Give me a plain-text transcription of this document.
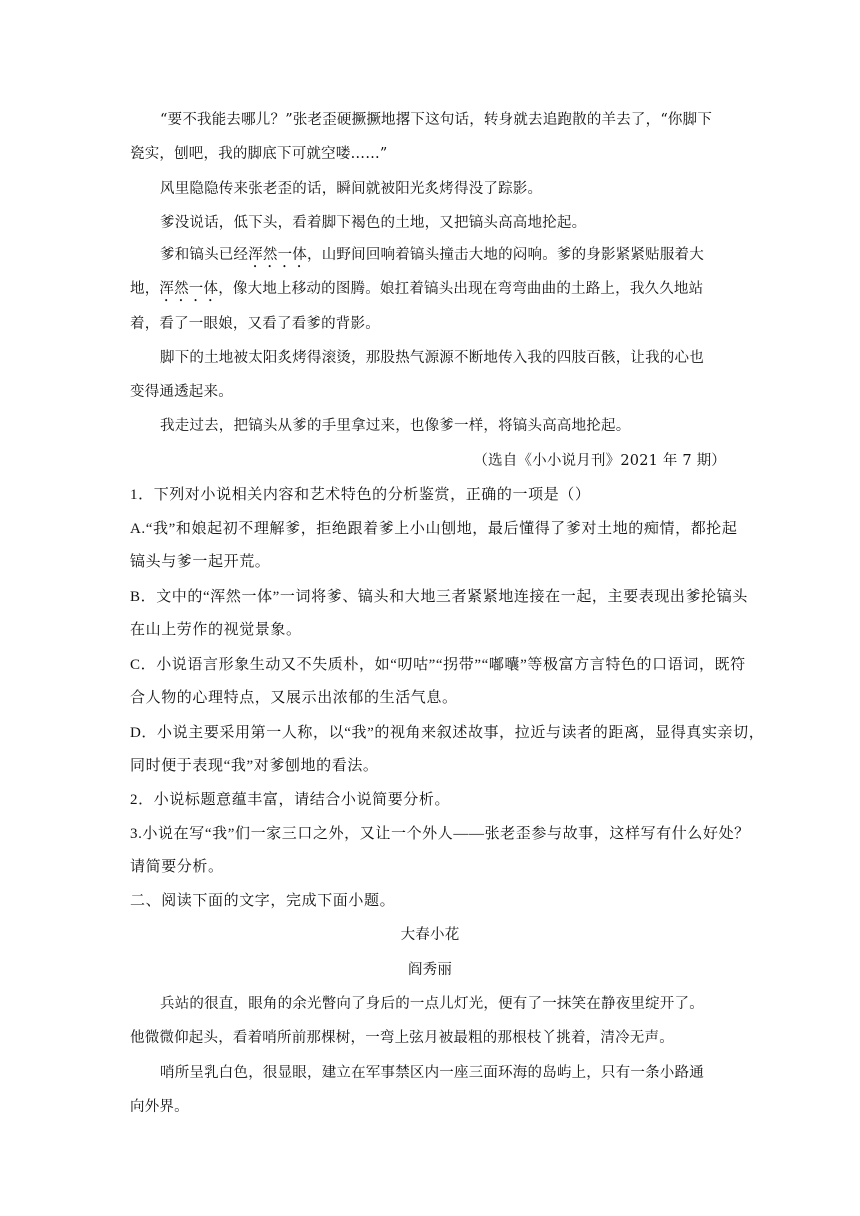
“要不我能去哪儿？”张老歪硬撅撅地撂下这句话，转身就去追跑散的羊去了，“你脚下
瓷实，刨吧，我的脚底下可就空喽……”
风里隐隐传来张老歪的话，瞬间就被阳光炙烤得没了踪影。
爹没说话，低下头，看着脚下褐色的土地，又把镐头高高地抡起。
爹和镐头已经浑然一体，山野间回响着镐头撞击大地的闷响。爹的身影紧紧贴服着大
地，浑然一体，像大地上移动的图腾。娘扛着镐头出现在弯弯曲曲的土路上，我久久地站
着，看了一眼娘，又看了看爹的背影。
脚下的土地被太阳炙烤得滚烫，那股热气源源不断地传入我的四肢百骸，让我的心也
变得通透起来。
我走过去，把镐头从爹的手里拿过来，也像爹一样，将镐头高高地抡起。
（选自《小小说月刊》2021 年 7 期）
1．下列对小说相关内容和艺术特色的分析鉴赏，正确的一项是（）
A.“我”和娘起初不理解爹，拒绝跟着爹上小山刨地，最后懂得了爹对土地的痴情，都抡起
镐头与爹一起开荒。
B．文中的“浑然一体”一词将爹、镐头和大地三者紧紧地连接在一起，主要表现出爹抡镐头
在山上劳作的视觉景象。
C．小说语言形象生动又不失质朴，如“叨咕”“拐带”“嘟囔”等极富方言特色的口语词，既符
合人物的心理特点，又展示出浓郁的生活气息。
D．小说主要采用第一人称，以“我”的视角来叙述故事，拉近与读者的距离，显得真实亲切，
同时便于表现“我”对爹刨地的看法。
2．小说标题意蕴丰富，请结合小说简要分析。
3.小说在写“我”们一家三口之外，又让一个外人——张老歪参与故事，这样写有什么好处？
请简要分析。
二、阅读下面的文字，完成下面小题。
大春小花
阎秀丽
兵站的很直，眼角的余光瞥向了身后的一点儿灯光，便有了一抹笑在静夜里绽开了。
他微微仰起头，看着哨所前那棵树，一弯上弦月被最粗的那根枝丫挑着，清冷无声。
哨所呈乳白色，很显眼，建立在军事禁区内一座三面环海的岛屿上，只有一条小路通
向外界。
